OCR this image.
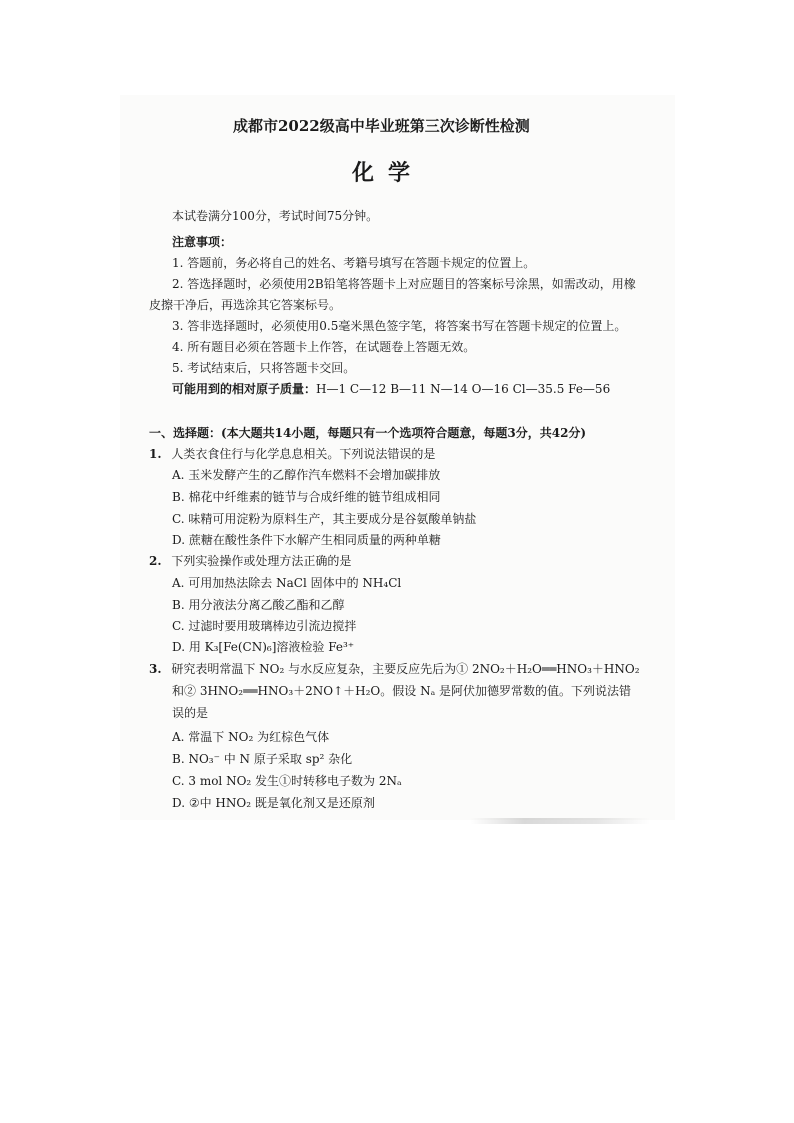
成都市2022级高中毕业班第三次诊断性检测
化学
本试卷满分100分，考试时间75分钟。
注意事项：
1. 答题前，务必将自己的姓名、考籍号填写在答题卡规定的位置上。
2. 答选择题时，必须使用2B铅笔将答题卡上对应题目的答案标号涂黑，如需改动，用橡
皮擦干净后，再选涂其它答案标号。
3. 答非选择题时，必须使用0.5毫米黑色签字笔，将答案书写在答题卡规定的位置上。
4. 所有题目必须在答题卡上作答，在试题卷上答题无效。
5. 考试结束后，只将答题卡交回。
可能用到的相对原子质量：H—1 C—12 B—11 N—14 O—16 Cl—35.5 Fe—56
一、选择题：(本大题共14小题，每题只有一个选项符合题意，每题3分，共42分)
1. 人类衣食住行与化学息息相关。下列说法错误的是
A. 玉米发酵产生的乙醇作汽车燃料不会增加碳排放
B. 棉花中纤维素的链节与合成纤维的链节组成相同
C. 味精可用淀粉为原料生产，其主要成分是谷氨酸单钠盐
D. 蔗糖在酸性条件下水解产生相同质量的两种单糖
2. 下列实验操作或处理方法正确的是
A. 可用加热法除去 NaCl 固体中的 NH₄Cl
B. 用分液法分离乙酸乙酯和乙醇
C. 过滤时要用玻璃棒边引流边搅拌
D. 用 K₃[Fe(CN)₆]溶液检验 Fe³⁺
3. 研究表明常温下 NO₂ 与水反应复杂，主要反应先后为① 2NO₂＋H₂O══HNO₃＋HNO₂
和② 3HNO₂══HNO₃＋2NO↑＋H₂O。假设 Nₐ 是阿伏加德罗常数的值。下列说法错
误的是
A. 常温下 NO₂ 为红棕色气体
B. NO₃⁻ 中 N 原子采取 sp² 杂化
C. 3 mol NO₂ 发生①时转移电子数为 2Nₐ
D. ②中 HNO₂ 既是氧化剂又是还原剂
